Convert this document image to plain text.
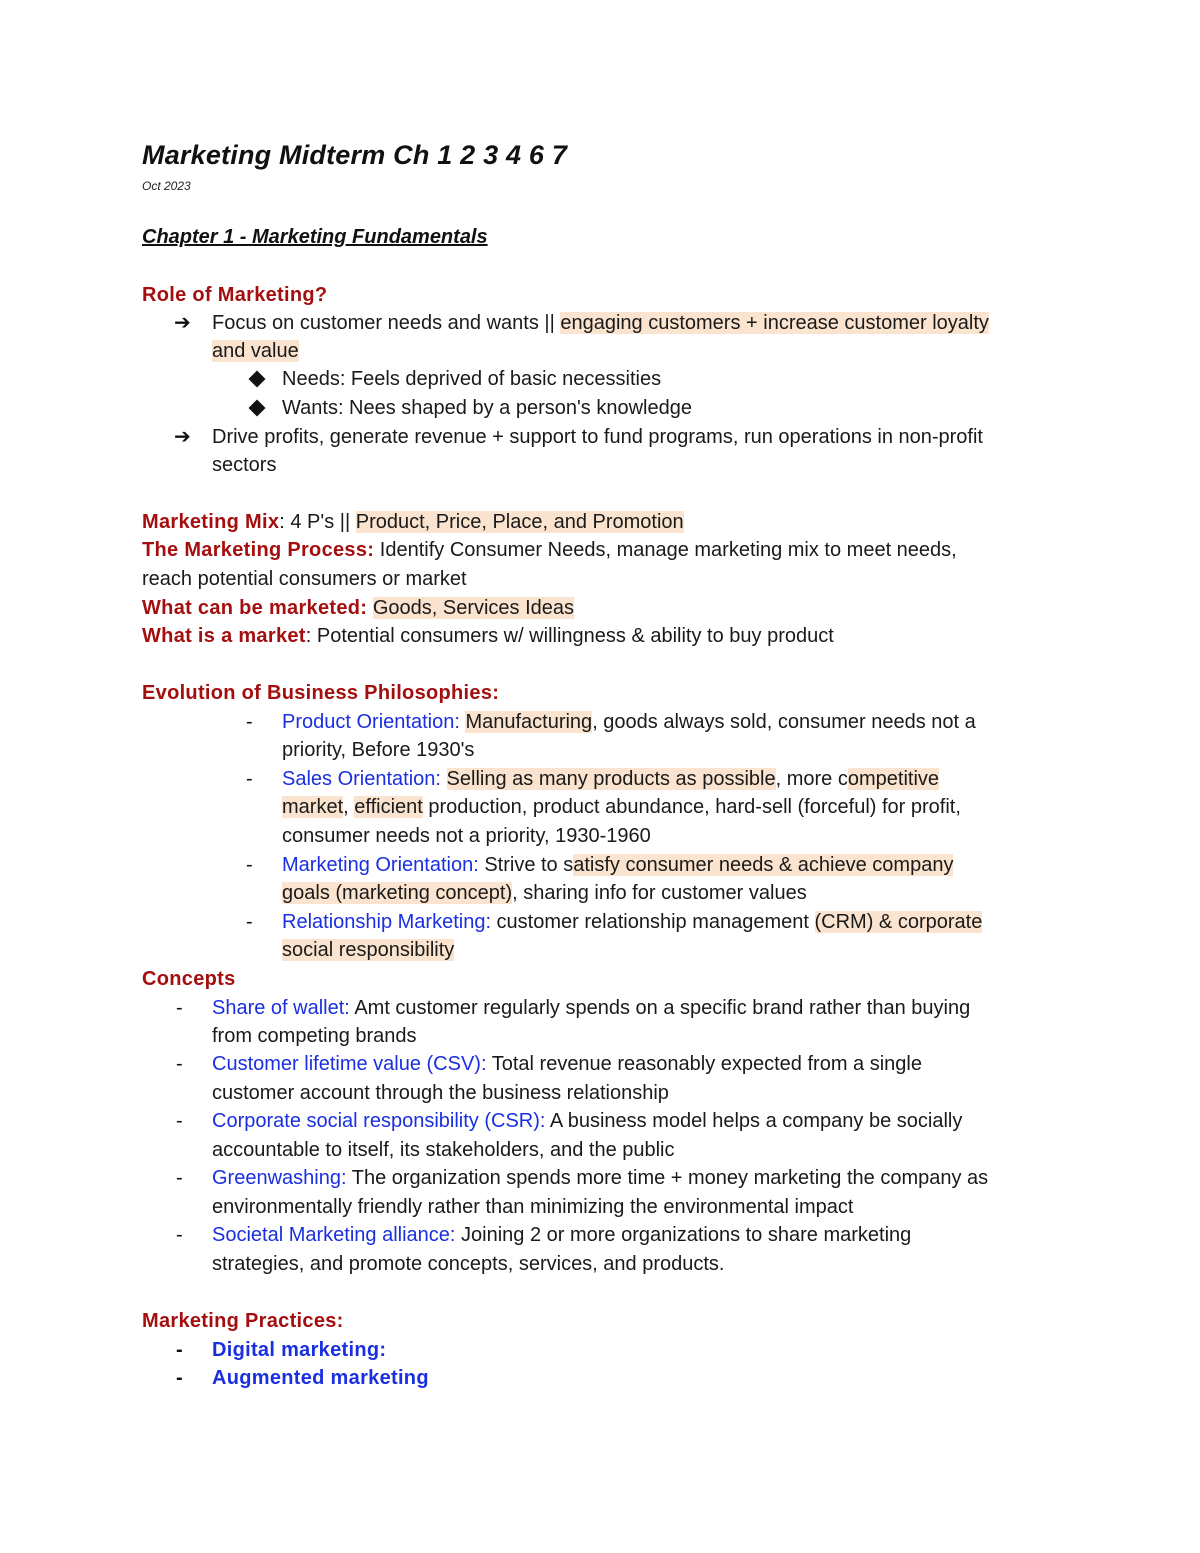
Marketing Midterm Ch 1 2 3 4 6 7
Oct 2023
Chapter 1 - Marketing Fundamentals
Role of Marketing?
➔ Focus on customer needs and wants || engaging customers + increase customer loyalty
and value
Needs: Feels deprived of basic necessities
Wants: Nees shaped by a person's knowledge
➔ Drive profits, generate revenue + support to fund programs, run operations in non-profit
sectors
Marketing Mix: 4 P's || Product, Price, Place, and Promotion
The Marketing Process: Identify Consumer Needs, manage marketing mix to meet needs,
reach potential consumers or market
What can be marketed: Goods, Services Ideas
What is a market: Potential consumers w/ willingness & ability to buy product
Evolution of Business Philosophies:
- Product Orientation: Manufacturing, goods always sold, consumer needs not a
priority, Before 1930's
- Sales Orientation: Selling as many products as possible, more competitive
market, efficient production, product abundance, hard-sell (forceful) for profit,
consumer needs not a priority, 1930-1960
- Marketing Orientation: Strive to satisfy consumer needs & achieve company
goals (marketing concept), sharing info for customer values
- Relationship Marketing: customer relationship management (CRM) & corporate
social responsibility
Concepts
- Share of wallet: Amt customer regularly spends on a specific brand rather than buying
from competing brands
- Customer lifetime value (CSV): Total revenue reasonably expected from a single
customer account through the business relationship
- Corporate social responsibility (CSR): A business model helps a company be socially
accountable to itself, its stakeholders, and the public
- Greenwashing: The organization spends more time + money marketing the company as
environmentally friendly rather than minimizing the environmental impact
- Societal Marketing alliance: Joining 2 or more organizations to share marketing
strategies, and promote concepts, services, and products.
Marketing Practices:
- Digital marketing:
- Augmented marketing
